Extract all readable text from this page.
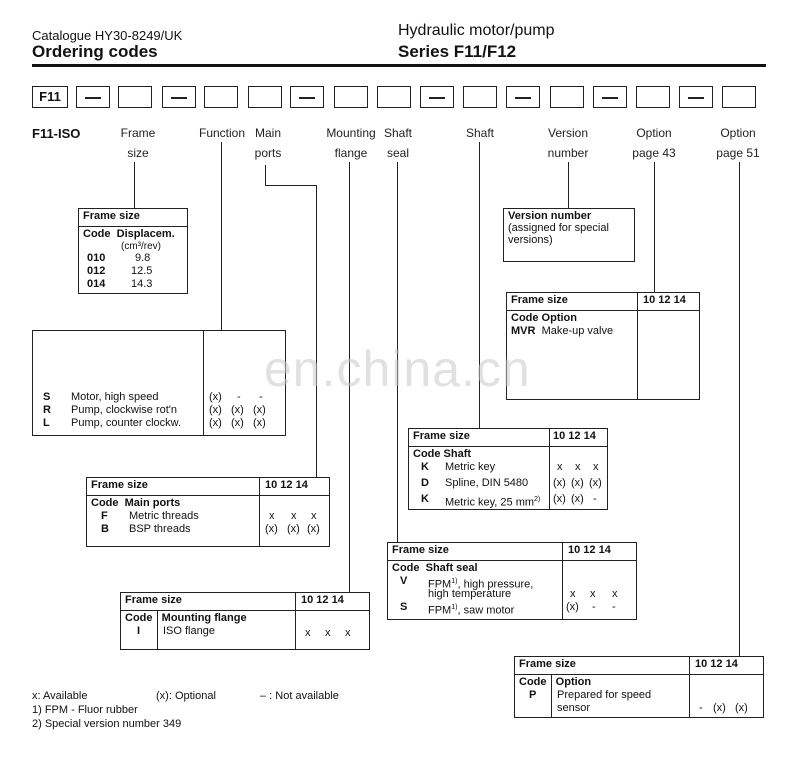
Catalogue HY30-8249/UK
Ordering codes
Hydraulic motor/pump
Series F11/F12
F11
F11-ISO	Frame
size
Function Main
ports
Mounting
flange
Shaft
seal
Shaft	Version
number
Option
page 43
Option
page 51
Frame size
Code Displacem.
(cm³/rev)
010	9.8
012 12.5
014 14.3
Version number
(assigned for special
versions)
Frame size	10 12 14
Code Option
MVR Make-up valve
S Motor, high speed	(x) - -
R Pump, clockwise rot'n	(x) (x) (x)
L Pump, counter clockw.	(x) (x) (x)
Frame size	10 12 14
Code Shaft
K Metric key	x x x
D Spline, DIN 5480 (x) (x) (x)
K Metric key, 25 $mm^{2)}$ (x) (x) -
Frame size	10 12 14
Code Main ports
F Metric threads	x x x
B BSP threads	(x) (x) (x)
Frame size	10 12 14
Code Shaft seal
V FPM$^{1)}$, high pressure,
high temperature	x x x
S FPM$^{1)}$, saw motor	(x) - -
Frame size	10 12 14
Code Mounting flange
I ISO flange	x x x
Frame size	10 12 14
Code Option
P Prepared for speed
sensor	- (x) (x)
x: Available	(x): Optional	– : Not available
1) FPM - Fluor rubber
2) Special version number 349
en.china.cn
